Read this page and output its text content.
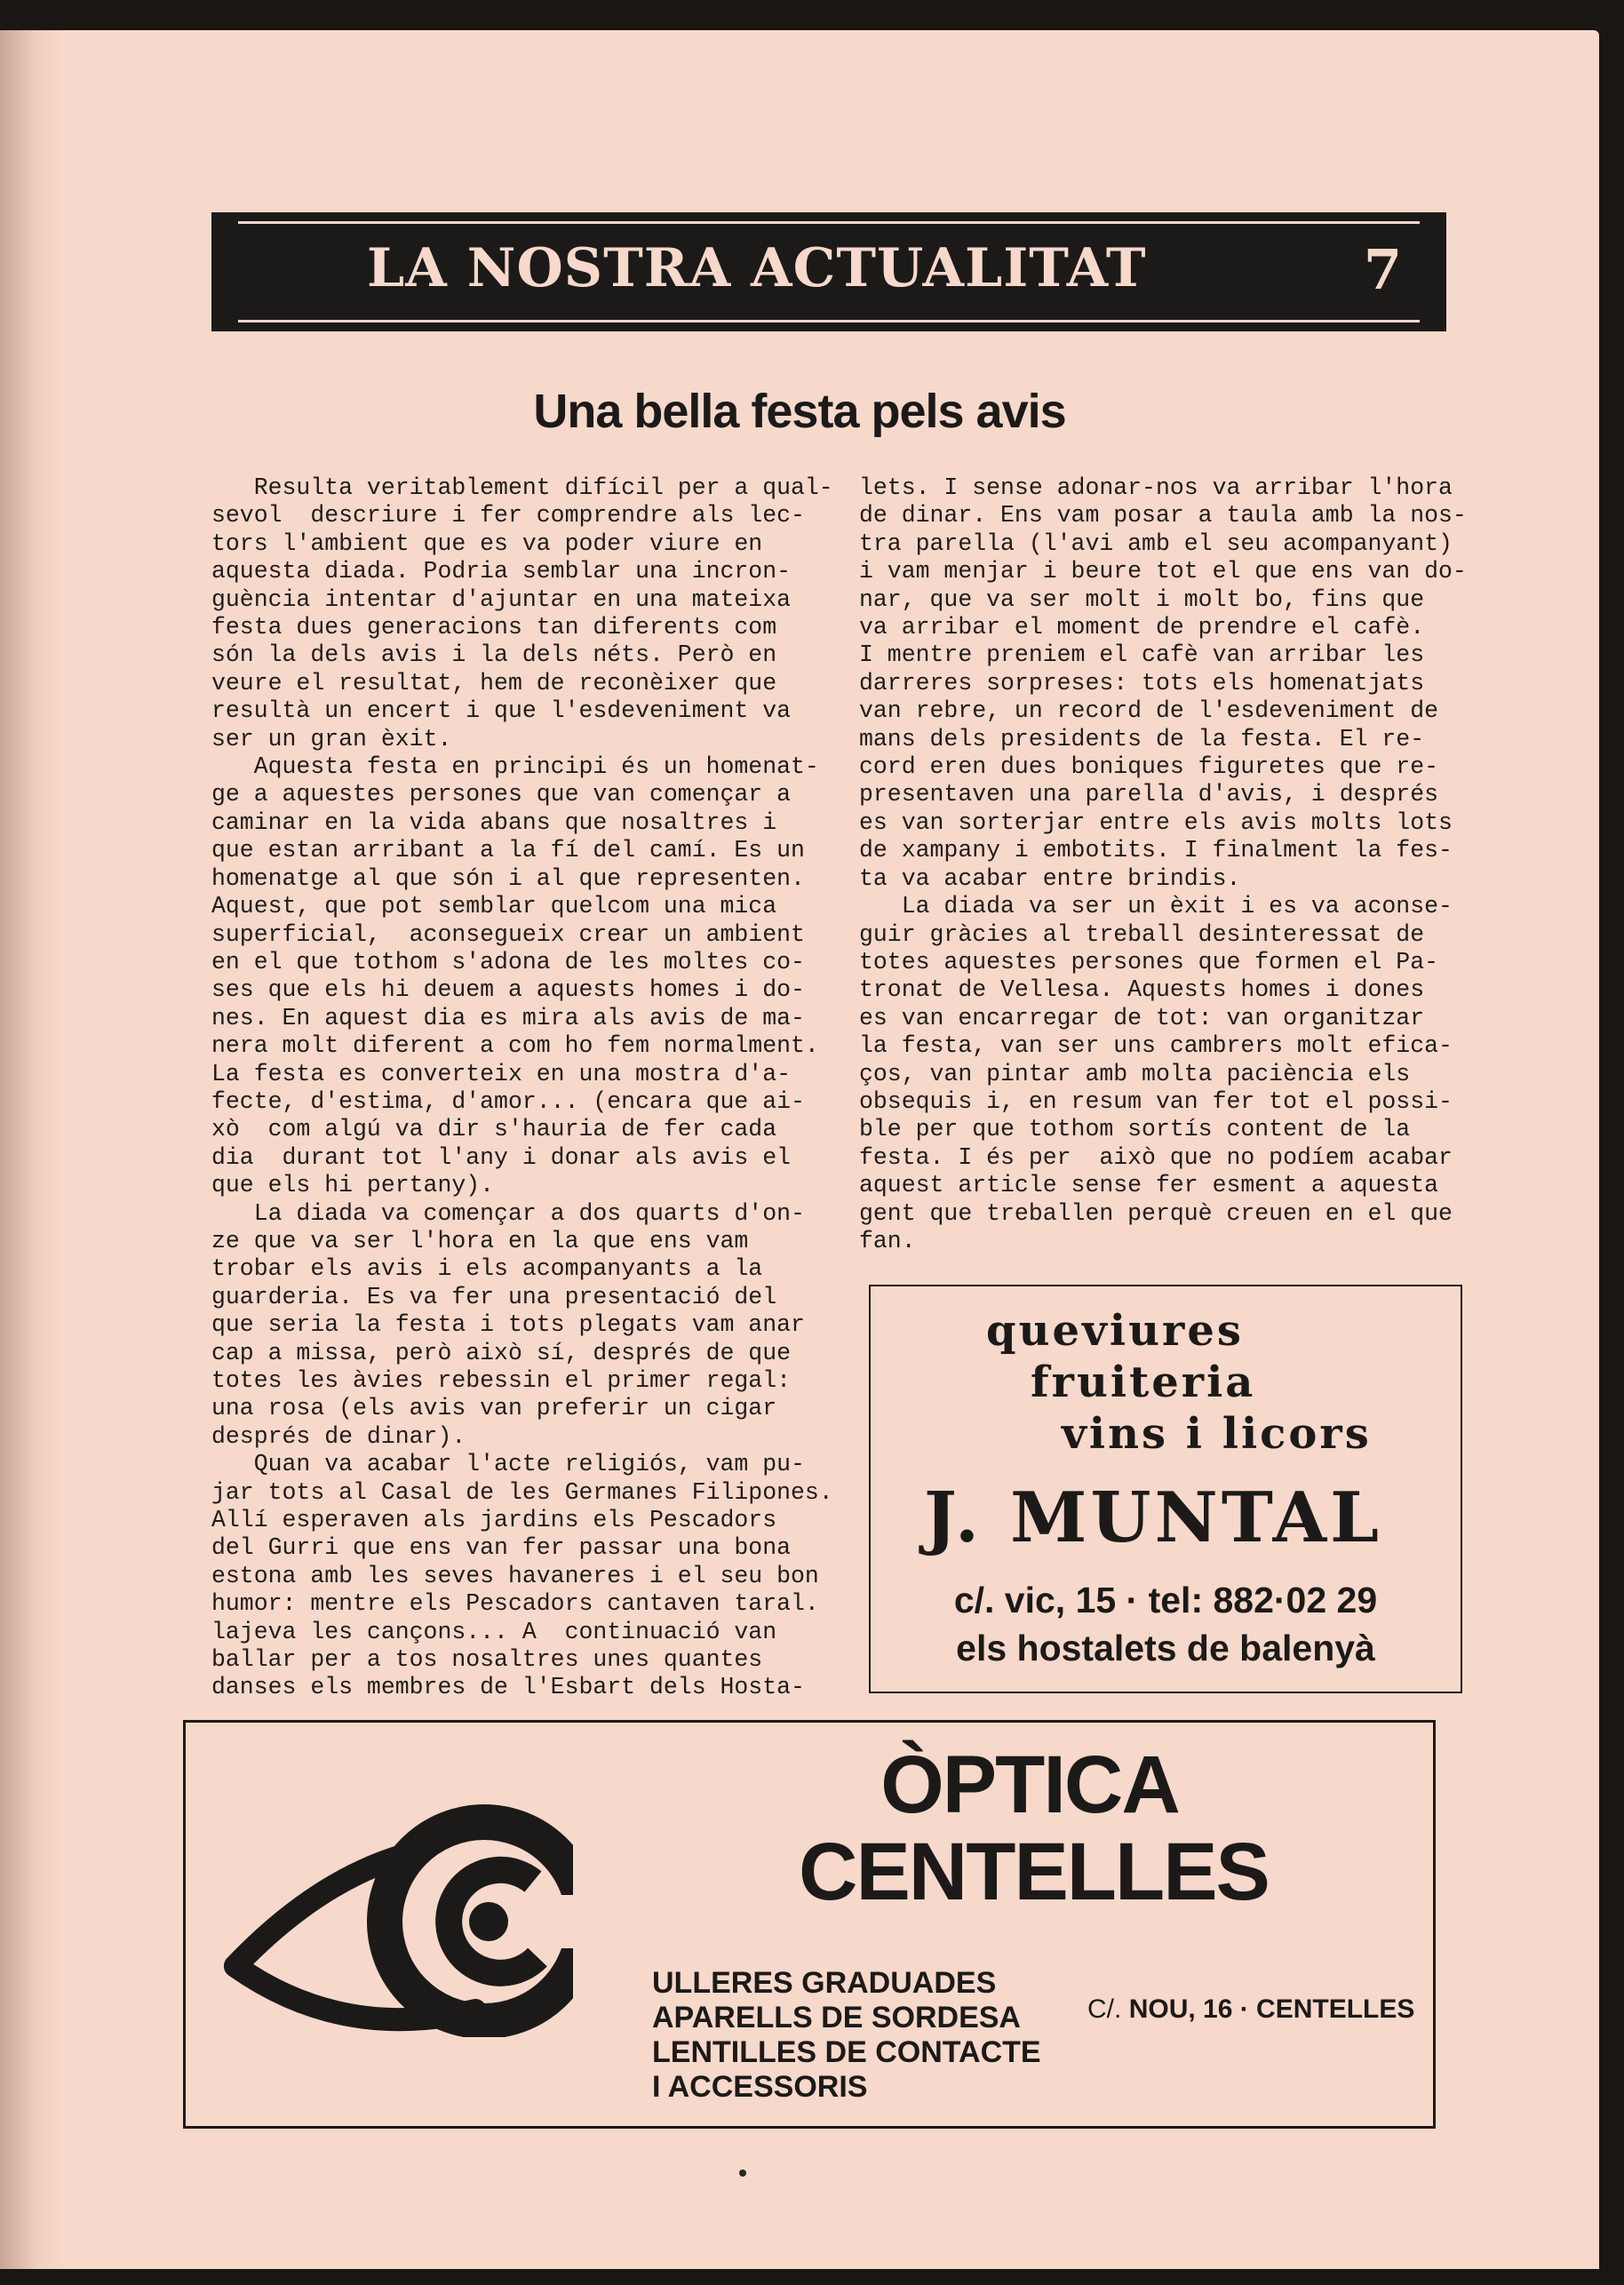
LA NOSTRA ACTUALITAT	7
Una bella festa pels avis

Resulta veritablement difícil per a qual-

sevol  descriure i fer comprendre als lec-

tors l'ambient que es va poder viure en

aquesta diada. Podria semblar una incron-

guència intentar d'ajuntar en una mateixa

festa dues generacions tan diferents com

són la dels avis i la dels néts. Però en

veure el resultat, hem de reconèixer que

resultà un encert i que l'esdeveniment va

ser un gran èxit.

Aquesta festa en principi és un homenat-

ge a aquestes persones que van començar a

caminar en la vida abans que nosaltres i

que estan arribant a la fí del camí. Es un

homenatge al que són i al que representen.

Aquest, que pot semblar quelcom una mica

superficial,  aconsegueix crear un ambient

en el que tothom s'adona de les moltes co-

ses que els hi deuem a aquests homes i do-

nes. En aquest dia es mira als avis de ma-

nera molt diferent a com ho fem normalment.

La festa es converteix en una mostra d'a-

fecte, d'estima, d'amor... (encara que ai-

xò  com algú va dir s'hauria de fer cada

dia  durant tot l'any i donar als avis el

que els hi pertany).

La diada va començar a dos quarts d'on-

ze que va ser l'hora en la que ens vam

trobar els avis i els acompanyants a la

guarderia. Es va fer una presentació del

que seria la festa i tots plegats vam anar

cap a missa, però això sí, després de que

totes les àvies rebessin el primer regal:

una rosa (els avis van preferir un cigar

després de dinar).

Quan va acabar l'acte religiós, vam pu-

jar tots al Casal de les Germanes Filipones.

Allí esperaven als jardins els Pescadors

del Gurri que ens van fer passar una bona

estona amb les seves havaneres i el seu bon

humor: mentre els Pescadors cantaven taral.

lajeva les cançons... A  continuació van

ballar per a tos nosaltres unes quantes

danses els membres de l'Esbart dels Hosta-

lets. I sense adonar-nos va arribar l'hora

de dinar. Ens vam posar a taula amb la nos-

tra parella (l'avi amb el seu acompanyant)

i vam menjar i beure tot el que ens van do-

nar, que va ser molt i molt bo, fins que

va arribar el moment de prendre el cafè.

I mentre preniem el cafè van arribar les

darreres sorpreses: tots els homenatjats

van rebre, un record de l'esdeveniment de

mans dels presidents de la festa. El re-

cord eren dues boniques figuretes que re-

presentaven una parella d'avis, i després

es van sorterjar entre els avis molts lots

de xampany i embotits. I finalment la fes-

ta va acabar entre brindis.

La diada va ser un èxit i es va aconse-

guir gràcies al treball desinteressat de

totes aquestes persones que formen el Pa-

tronat de Vellesa. Aquests homes i dones

es van encarregar de tot: van organitzar

la festa, van ser uns cambrers molt efica-

ços, van pintar amb molta paciència els

obsequis i, en resum van fer tot el possi-

ble per que tothom sortís content de la

festa. I és per  això que no podíem acabar

aquest article sense fer esment a aquesta

gent que treballen perquè creuen en el que

fan.

queviures
fruiteria
vins i licors
J. MUNTAL
c/. vic, 15 · tel: 882·02 29
els hostalets de balenyà
ÒPTICA
CENTELLES
ULLERES GRADUADES
APARELLS DE SORDESA
LENTILLES DE CONTACTE
I ACCESSORIS
C/. NOU, 16 · CENTELLES
